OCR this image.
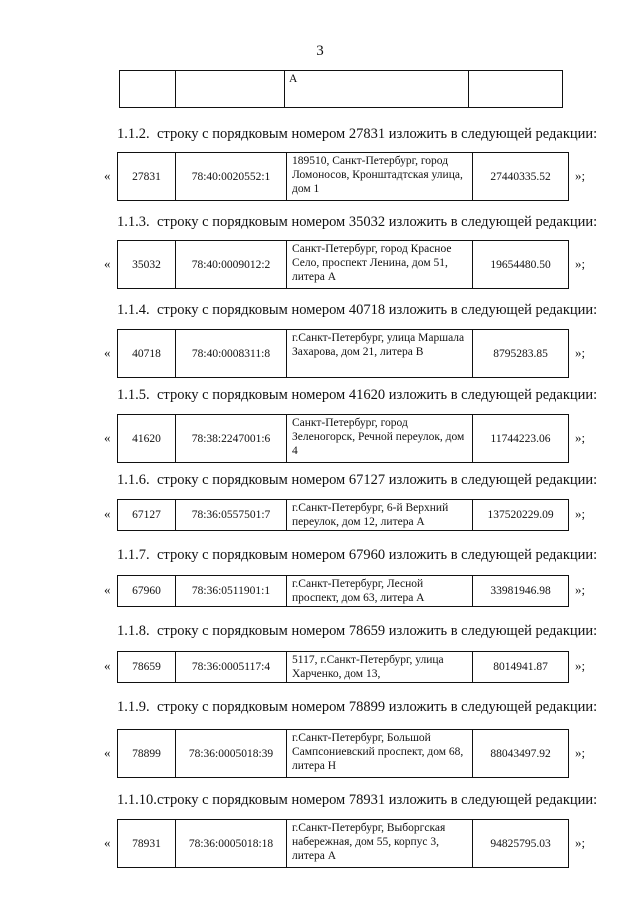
3
		А	
1.1.2. строку с порядковым номером 27831 изложить в следующей редакции:
« 27831	78:40:0020552:1	189510, Санкт-Петербург, город Ломоносов, Кронштадтская улица, дом 1	27440335.52 »;
1.1.3. строку с порядковым номером 35032 изложить в следующей редакции:
« 35032	78:40:0009012:2	Санкт-Петербург, город Красное Село, проспект Ленина, дом 51, литера А	19654480.50 »;
1.1.4. строку с порядковым номером 40718 изложить в следующей редакции:
« 40718	78:40:0008311:8	г.Санкт-Петербург, улица Маршала Захарова, дом 21, литера В	8795283.85 »;
1.1.5. строку с порядковым номером 41620 изложить в следующей редакции:
« 41620	78:38:2247001:6	Санкт-Петербург, город Зеленогорск, Речной переулок, дом 4	11744223.06 »;
1.1.6. строку с порядковым номером 67127 изложить в следующей редакции:
« 67127	78:36:0557501:7	г.Санкт-Петербург, 6-й Верхний переулок, дом 12, литера А	137520229.09 »;
1.1.7. строку с порядковым номером 67960 изложить в следующей редакции:
« 67960	78:36:0511901:1	г.Санкт-Петербург, Лесной проспект, дом 63, литера А	33981946.98 »;
1.1.8. строку с порядковым номером 78659 изложить в следующей редакции:
« 78659	78:36:0005117:4	5117, г.Санкт-Петербург, улица Харченко, дом 13,	8014941.87 »;
1.1.9. строку с порядковым номером 78899 изложить в следующей редакции:
« 78899	78:36:0005018:39	г.Санкт-Петербург, Большой Сампсониевский проспект, дом 68, литера Н	88043497.92 »;
1.1.10.строку с порядковым номером 78931 изложить в следующей редакции:
« 78931	78:36:0005018:18	г.Санкт-Петербург, Выборгская набережная, дом 55, корпус 3, литера А	94825795.03 »;
